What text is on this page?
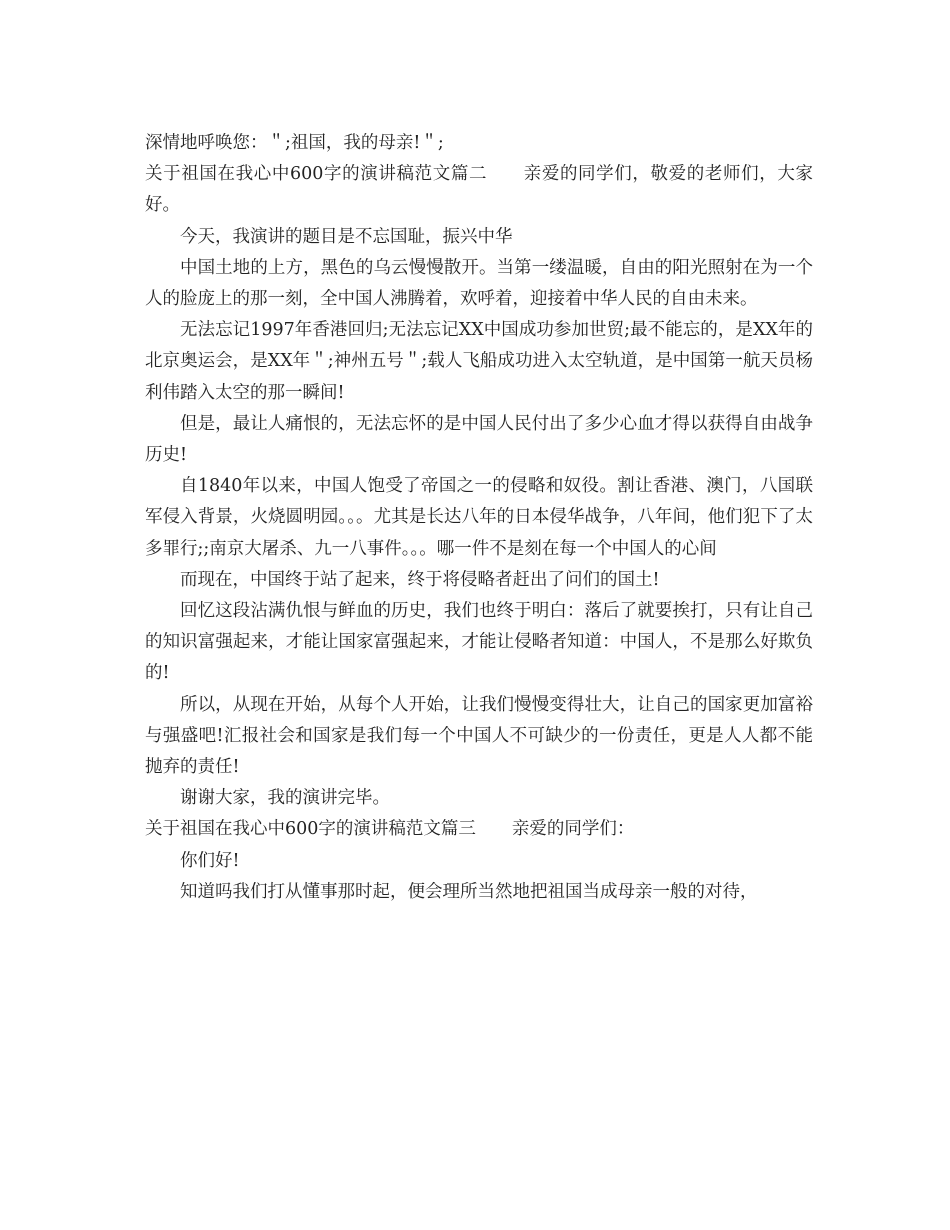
深情地呼唤您：＂;祖国，我的母亲!＂;

关于祖国在我心中600字的演讲稿范文篇二 亲爱的同学们，敬爱的老师们，大家好。

今天，我演讲的题目是不忘国耻，振兴中华

中国土地的上方，黑色的乌云慢慢散开。当第一缕温暖，自由的阳光照射在为一个人的脸庞上的那一刻，全中国人沸腾着，欢呼着，迎接着中华人民的自由未来。

无法忘记1997年香港回归;无法忘记XX中国成功参加世贸;最不能忘的，是XX年的北京奥运会，是XX年＂;神州五号＂;载人飞船成功进入太空轨道，是中国第一航天员杨利伟踏入太空的那一瞬间!

但是，最让人痛恨的，无法忘怀的是中国人民付出了多少心血才得以获得自由战争历史!

自1840年以来，中国人饱受了帝国之一的侵略和奴役。割让香港、澳门，八国联军侵入背景，火烧圆明园。。。尤其是长达八年的日本侵华战争，八年间，他们犯下了太多罪行;;南京大屠杀、九一八事件。。。哪一件不是刻在每一个中国人的心间

而现在，中国终于站了起来，终于将侵略者赶出了问们的国土!

回忆这段沾满仇恨与鲜血的历史，我们也终于明白：落后了就要挨打，只有让自己的知识富强起来，才能让国家富强起来，才能让侵略者知道：中国人，不是那么好欺负的!

所以，从现在开始，从每个人开始，让我们慢慢变得壮大，让自己的国家更加富裕与强盛吧!汇报社会和国家是我们每一个中国人不可缺少的一份责任，更是人人都不能抛弃的责任!

谢谢大家，我的演讲完毕。

关于祖国在我心中600字的演讲稿范文篇三 亲爱的同学们：

你们好!

知道吗我们打从懂事那时起，便会理所当然地把祖国当成母亲一般的对待，
